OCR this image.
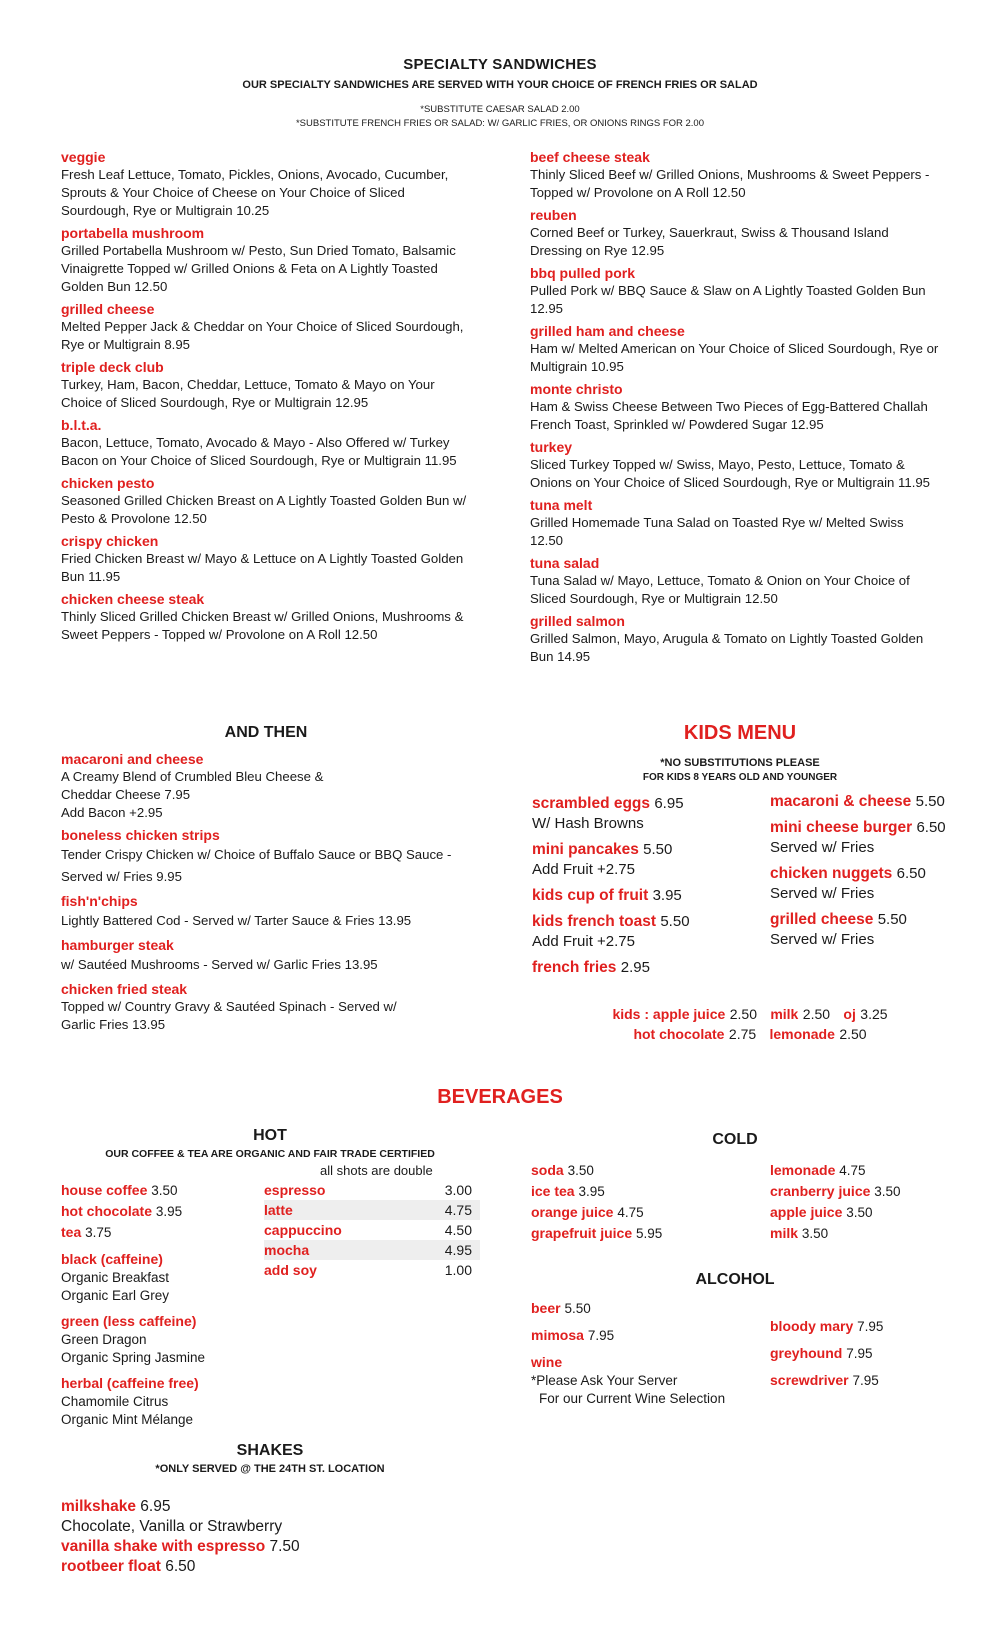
SPECIALTY SANDWICHES
OUR SPECIALTY SANDWICHES ARE SERVED WITH YOUR CHOICE OF FRENCH FRIES OR SALAD
*SUBSTITUTE CAESAR SALAD 2.00
*SUBSTITUTE FRENCH FRIES OR SALAD: W/ GARLIC FRIES, OR ONIONS RINGS FOR 2.00
veggie
Fresh Leaf Lettuce, Tomato, Pickles, Onions, Avocado, Cucumber, Sprouts & Your Choice of Cheese on Your Choice of Sliced Sourdough, Rye or Multigrain 10.25
portabella mushroom
Grilled Portabella Mushroom w/ Pesto, Sun Dried Tomato, Balsamic Vinaigrette Topped w/ Grilled Onions & Feta on A Lightly Toasted Golden Bun 12.50
grilled cheese
Melted Pepper Jack & Cheddar on Your Choice of Sliced Sourdough, Rye or Multigrain 8.95
triple deck club
Turkey, Ham, Bacon, Cheddar, Lettuce, Tomato & Mayo on Your Choice of Sliced Sourdough, Rye or Multigrain 12.95
b.l.t.a.
Bacon, Lettuce, Tomato, Avocado & Mayo - Also Offered w/ Turkey Bacon on Your Choice of Sliced Sourdough, Rye or Multigrain 11.95
chicken pesto
Seasoned Grilled Chicken Breast on A Lightly Toasted Golden Bun w/ Pesto & Provolone 12.50
crispy chicken
Fried Chicken Breast w/ Mayo & Lettuce on A Lightly Toasted Golden Bun 11.95
chicken cheese steak
Thinly Sliced Grilled Chicken Breast w/ Grilled Onions, Mushrooms & Sweet Peppers - Topped w/ Provolone on A Roll 12.50
beef cheese steak
Thinly Sliced Beef w/ Grilled Onions, Mushrooms & Sweet Peppers - Topped w/ Provolone on A Roll 12.50
reuben
Corned Beef or Turkey, Sauerkraut, Swiss & Thousand Island Dressing on Rye 12.95
bbq pulled pork
Pulled Pork w/ BBQ Sauce & Slaw on A Lightly Toasted Golden Bun 12.95
grilled ham and cheese
Ham w/ Melted American on Your Choice of Sliced Sourdough, Rye or Multigrain 10.95
monte christo
Ham & Swiss Cheese Between Two Pieces of Egg-Battered Challah French Toast, Sprinkled w/ Powdered Sugar 12.95
turkey
Sliced Turkey Topped w/ Swiss, Mayo, Pesto, Lettuce, Tomato & Onions on Your Choice of Sliced Sourdough, Rye or Multigrain 11.95
tuna melt
Grilled Homemade Tuna Salad on Toasted Rye w/ Melted Swiss 12.50
tuna salad
Tuna Salad w/ Mayo, Lettuce, Tomato & Onion on Your Choice of Sliced Sourdough, Rye or Multigrain 12.50
grilled salmon
Grilled Salmon, Mayo, Arugula & Tomato on Lightly Toasted Golden Bun 14.95
AND THEN
macaroni and cheese
A Creamy Blend of Crumbled Bleu Cheese & Cheddar Cheese 7.95
Add Bacon +2.95
boneless chicken strips
Tender Crispy Chicken w/ Choice of Buffalo Sauce or BBQ Sauce - Served w/ Fries 9.95
fish'n'chips
Lightly Battered Cod - Served w/ Tarter Sauce & Fries 13.95
hamburger steak
w/ Sautéed Mushrooms - Served w/ Garlic Fries 13.95
chicken fried steak
Topped w/ Country Gravy & Sautéed Spinach - Served w/ Garlic Fries 13.95
KIDS MENU
*NO SUBSTITUTIONS PLEASE
FOR KIDS 8 YEARS OLD AND YOUNGER
scrambled eggs 6.95
W/ Hash Browns
mini pancakes 5.50
Add Fruit +2.75
kids cup of fruit 3.95
kids french toast 5.50
Add Fruit +2.75
french fries 2.95
macaroni & cheese 5.50
mini cheese burger 6.50
Served w/ Fries
chicken nuggets 6.50
Served w/ Fries
grilled cheese 5.50
Served w/ Fries
kids : apple juice 2.50 milk 2.50 oj 3.25
hot chocolate 2.75 lemonade 2.50
BEVERAGES
HOT
OUR COFFEE & TEA ARE ORGANIC AND FAIR TRADE CERTIFIED
all shots are double
house coffee 3.50
hot chocolate 3.95
tea 3.75
black (caffeine)
Organic Breakfast
Organic Earl Grey
green (less caffeine)
Green Dragon
Organic Spring Jasmine
herbal (caffeine free)
Chamomile Citrus
Organic Mint Mélange
espresso	3.00
latte	4.75
cappuccino	4.50
mocha	4.95
add soy	1.00
COLD
soda 3.50
ice tea 3.95
orange juice 4.75
grapefruit juice 5.95
lemonade 4.75
cranberry juice 3.50
apple juice 3.50
milk 3.50
ALCOHOL
beer 5.50
mimosa 7.95
wine
*Please Ask Your Server
For our Current Wine Selection
bloody mary 7.95
greyhound 7.95
screwdriver 7.95
SHAKES
*ONLY SERVED @ THE 24TH ST. LOCATION
milkshake 6.95
Chocolate, Vanilla or Strawberry
vanilla shake with espresso 7.50
rootbeer float 6.50
